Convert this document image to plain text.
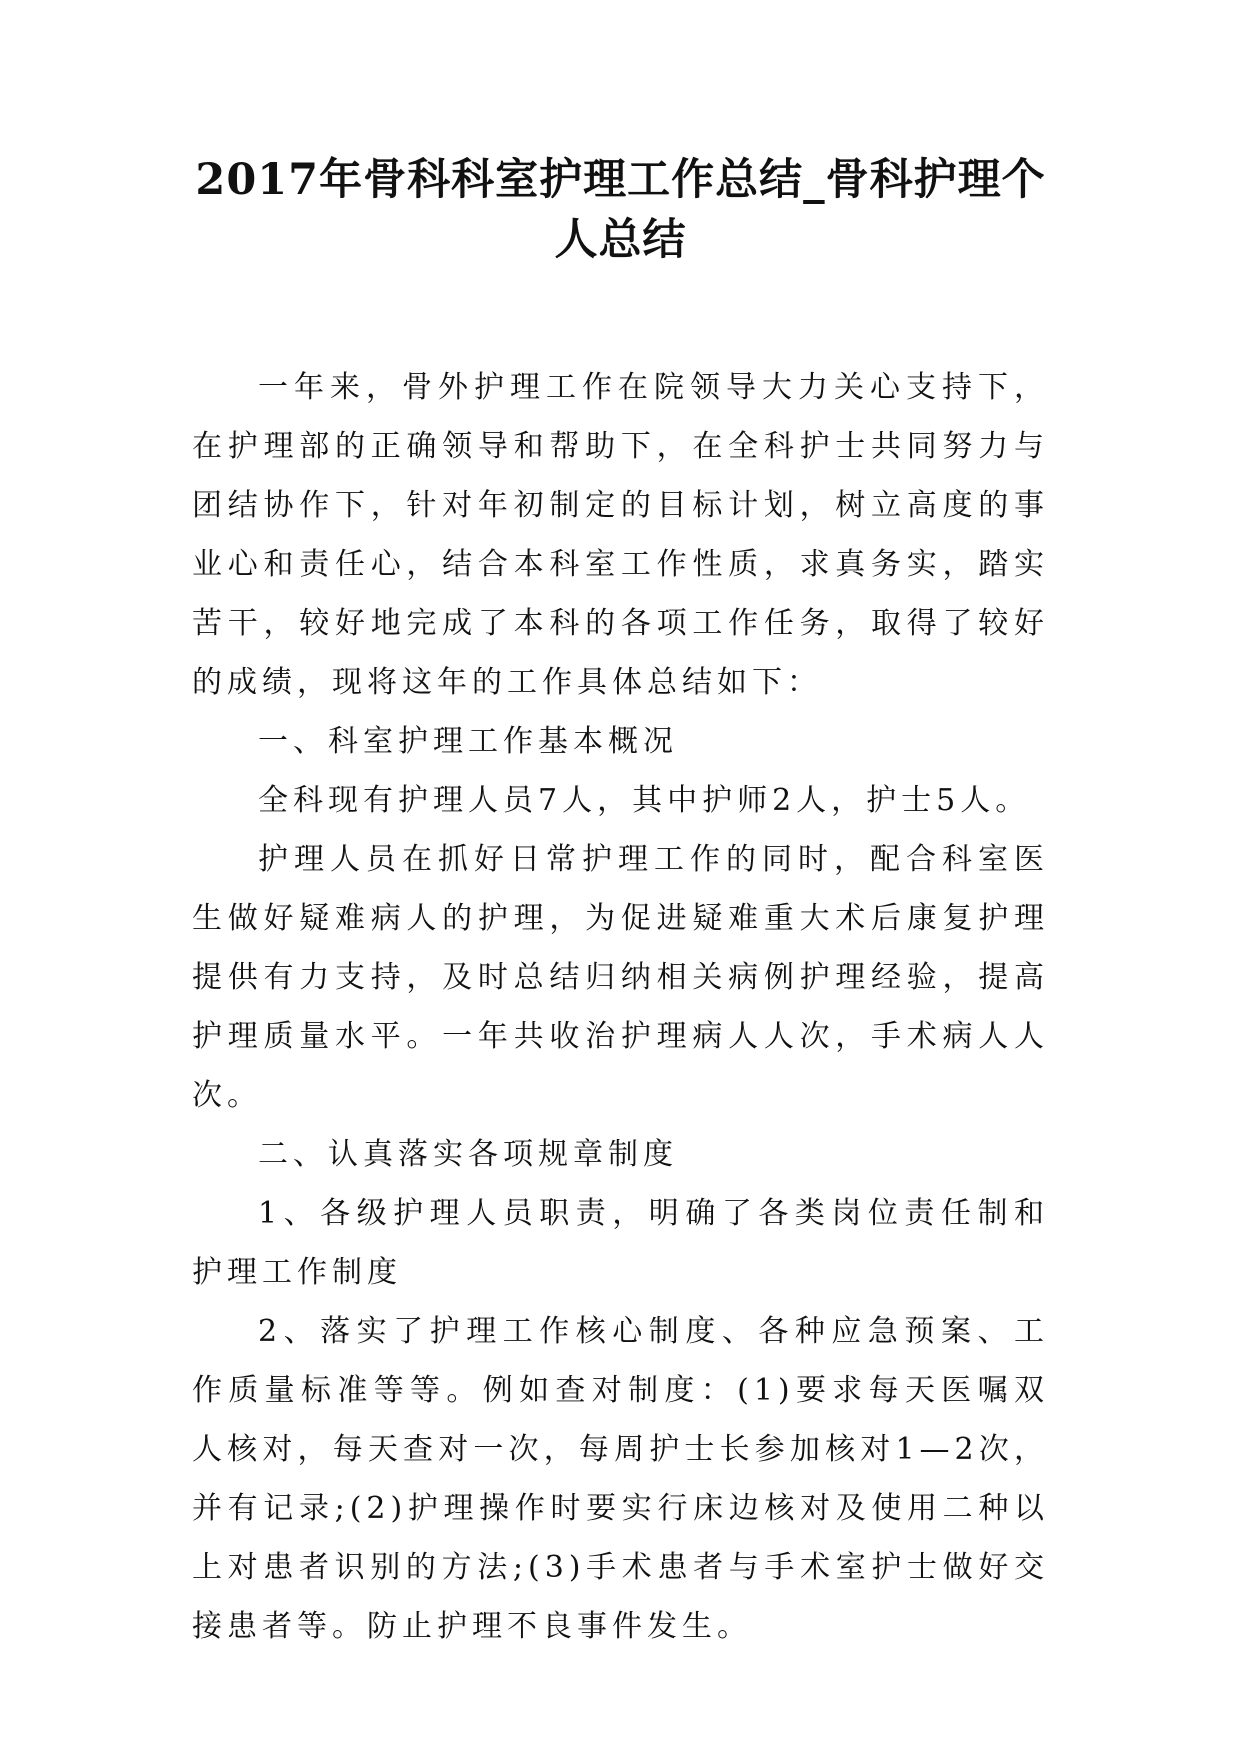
2017年骨科科室护理工作总结_骨科护理个
人总结

一年来，骨外护理工作在院领导大力关心支持下，在护理部的正确领导和帮助下，在全科护士共同努力与团结协作下，针对年初制定的目标计划，树立高度的事业心和责任心，结合本科室工作性质，求真务实，踏实苦干，较好地完成了本科的各项工作任务，取得了较好的成绩，现将这年的工作具体总结如下：

一、科室护理工作基本概况

全科现有护理人员7人，其中护师2人，护士5人。

护理人员在抓好日常护理工作的同时，配合科室医生做好疑难病人的护理，为促进疑难重大术后康复护理提供有力支持，及时总结归纳相关病例护理经验，提高护理质量水平。一年共收治护理病人人次，手术病人人次。

二、认真落实各项规章制度

1、各级护理人员职责，明确了各类岗位责任制和护理工作制度

2、落实了护理工作核心制度、各种应急预案、工作质量标准等等。例如查对制度：(1)要求每天医嘱双人核对，每天查对一次，每周护士长参加核对1—2次，并有记录;(2)护理操作时要实行床边核对及使用二种以上对患者识别的方法;(3)手术患者与手术室护士做好交接患者等。防止护理不良事件发生。
